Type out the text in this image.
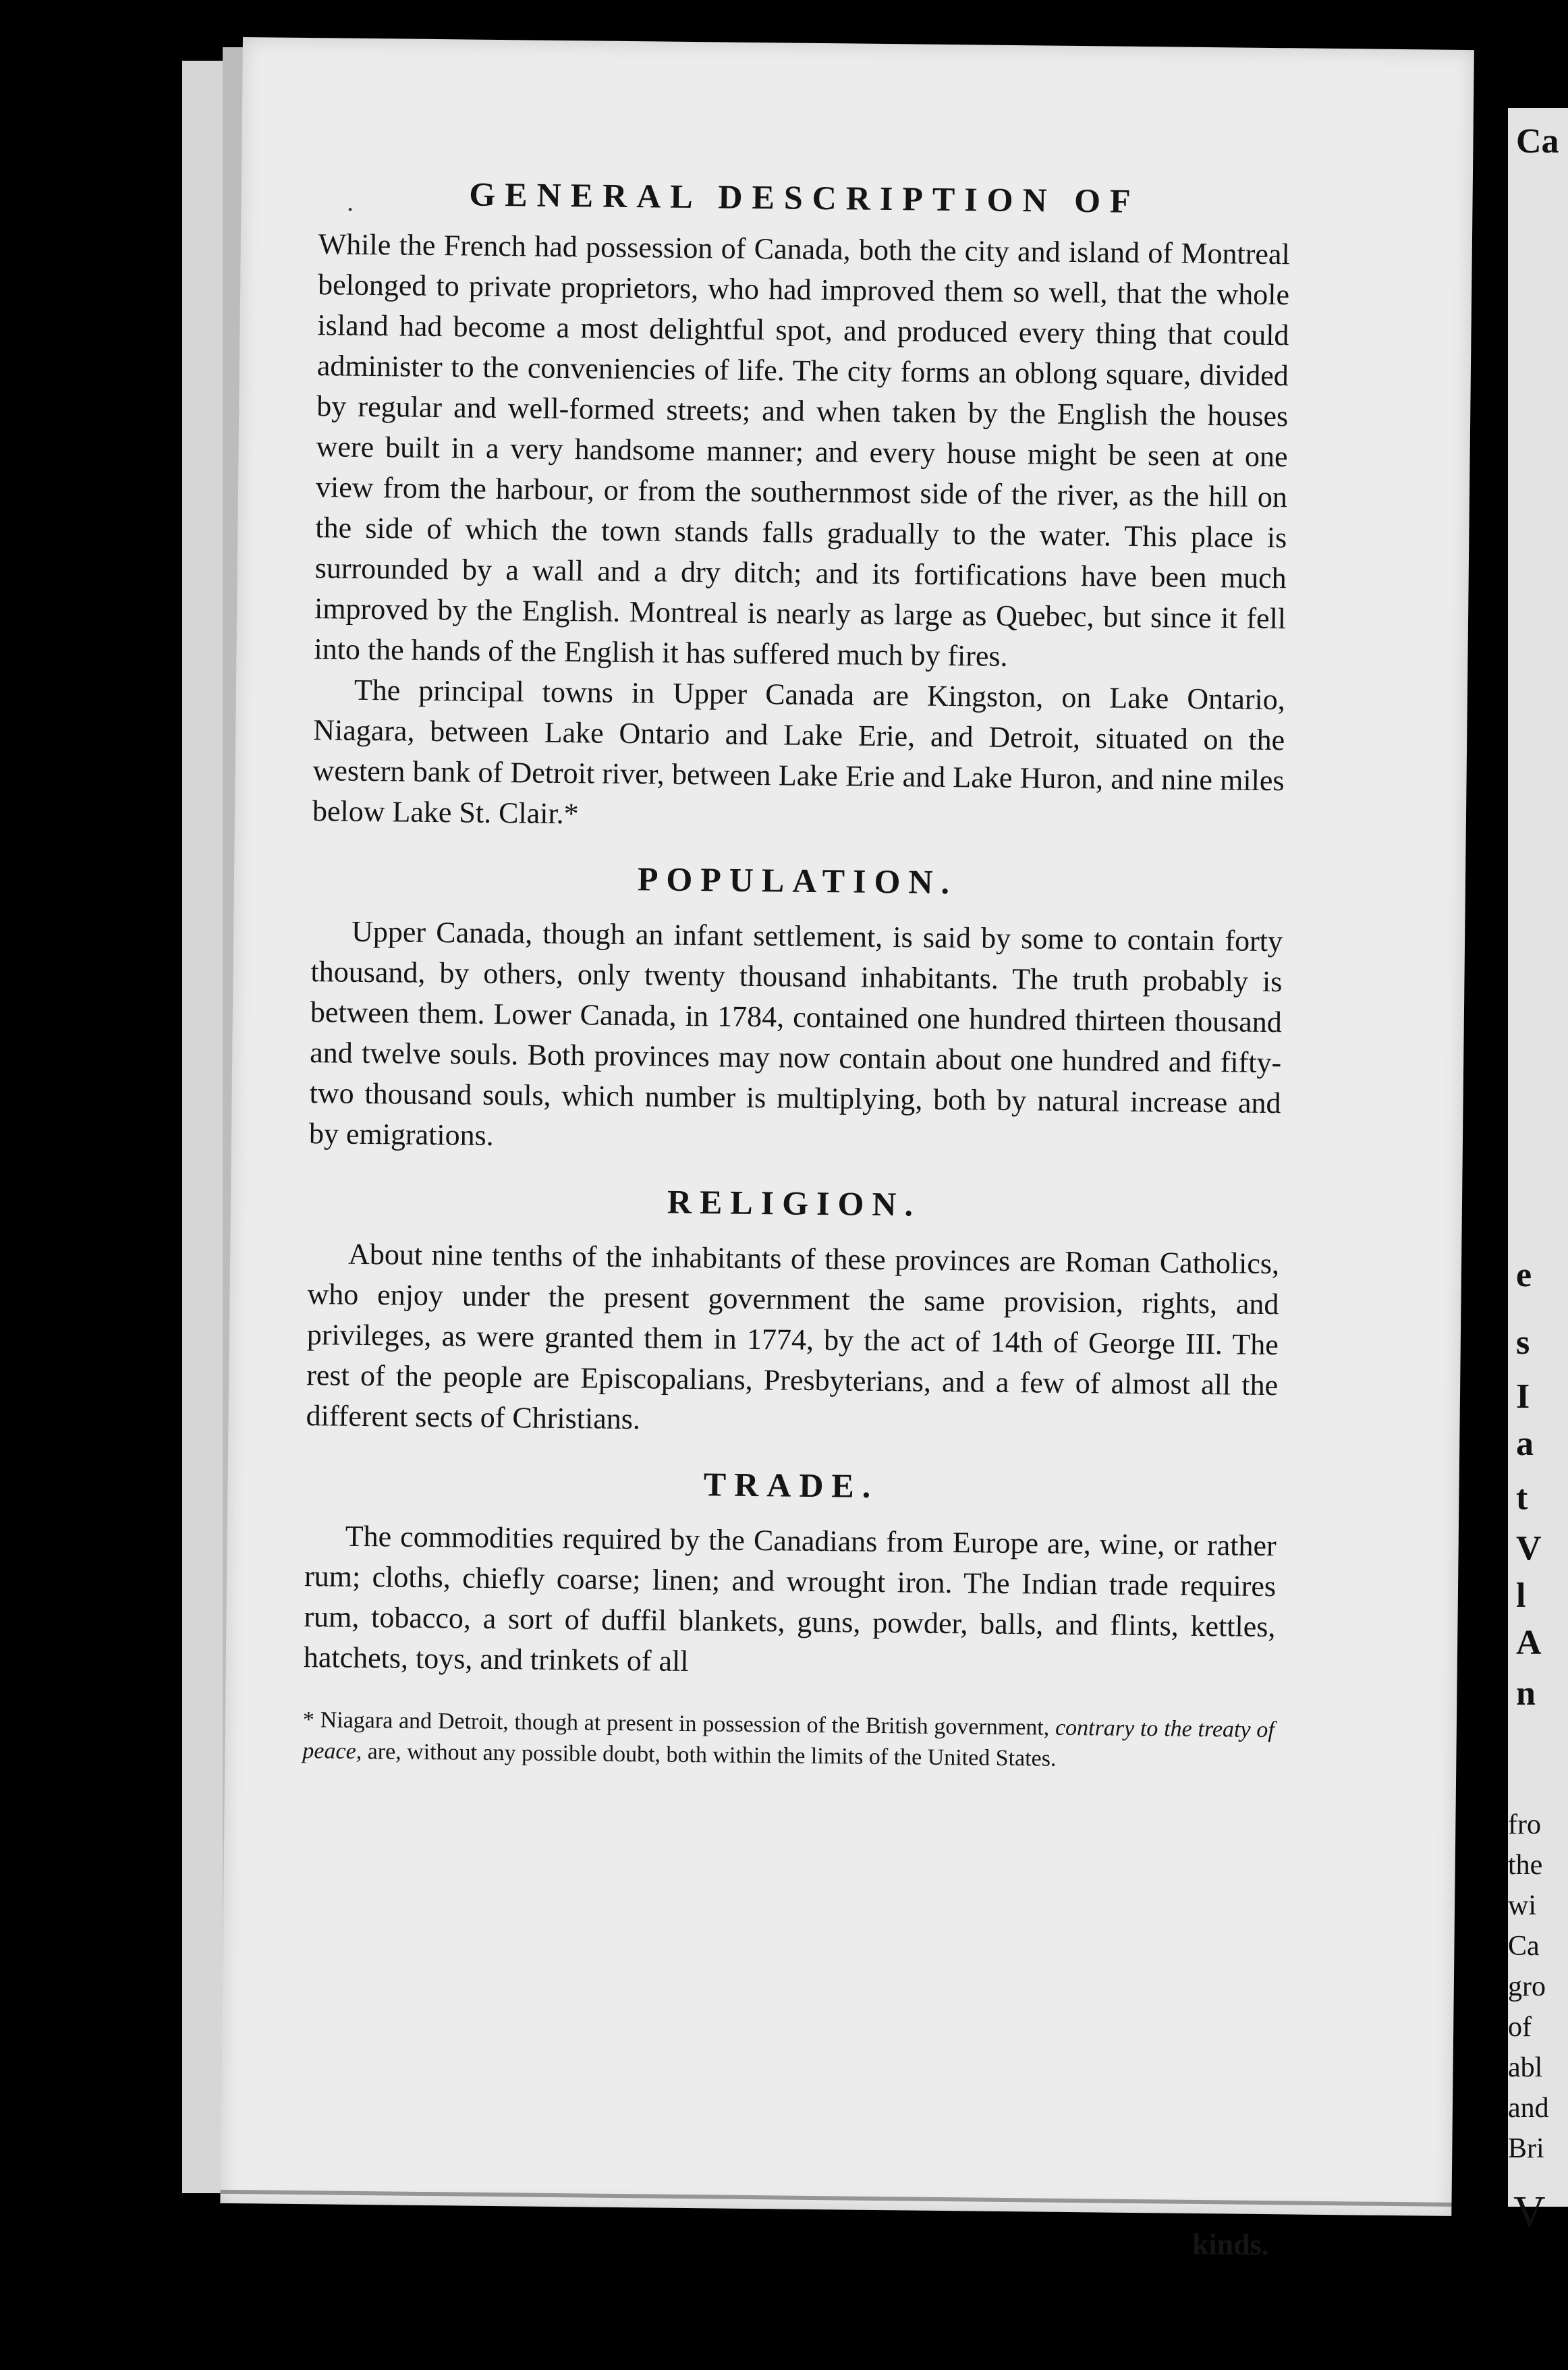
·	GENERAL DESCRIPTION OF

While the French had possession of Canada, both the city and island of Montreal belonged to private proprietors, who had improved them so well, that the whole island had become a most delightful spot, and produced every thing that could administer to the conveniencies of life. The city forms an oblong square, divided by regular and well-formed streets; and when taken by the English the houses were built in a very handsome manner; and every house might be seen at one view from the harbour, or from the southernmost side of the river, as the hill on the side of which the town stands falls gradually to the water. This place is surrounded by a wall and a dry ditch; and its fortifications have been much improved by the English. Montreal is nearly as large as Quebec, but since it fell into the hands of the English it has suffered much by fires.

The principal towns in Upper Canada are Kingston, on Lake Ontario, Niagara, between Lake Ontario and Lake Erie, and Detroit, situated on the western bank of Detroit river, between Lake Erie and Lake Huron, and nine miles below Lake St. Clair.*

POPULATION.

Upper Canada, though an infant settlement, is said by some to contain forty thousand, by others, only twenty thousand inhabitants. The truth probably is between them. Lower Canada, in 1784, contained one hundred thirteen thousand and twelve souls. Both provinces may now contain about one hundred and fifty-two thousand souls, which number is multiplying, both by natural increase and by emigrations.

RELIGION.

About nine tenths of the inhabitants of these provinces are Roman Catholics, who enjoy under the present government the same provision, rights, and privileges, as were granted them in 1774, by the act of 14th of George III. The rest of the people are Episcopalians, Presbyterians, and a few of almost all the different sects of Christians.

TRADE.

The commodities required by the Canadians from Europe are, wine, or rather rum; cloths, chiefly coarse; linen; and wrought iron. The Indian trade requires rum, tobacco, a sort of duffil blankets, guns, powder, balls, and flints, kettles, hatchets, toys, and trinkets of all

* Niagara and Detroit, though at present in possession of the British government, contrary to the treaty of peace, are, without any possible doubt, both within the limits of the United States.
kinds.
Ca
e
s
I
a
t
V
l
A
n
fro
the
wi
Ca
gro
of
abl
and
Bri
V
